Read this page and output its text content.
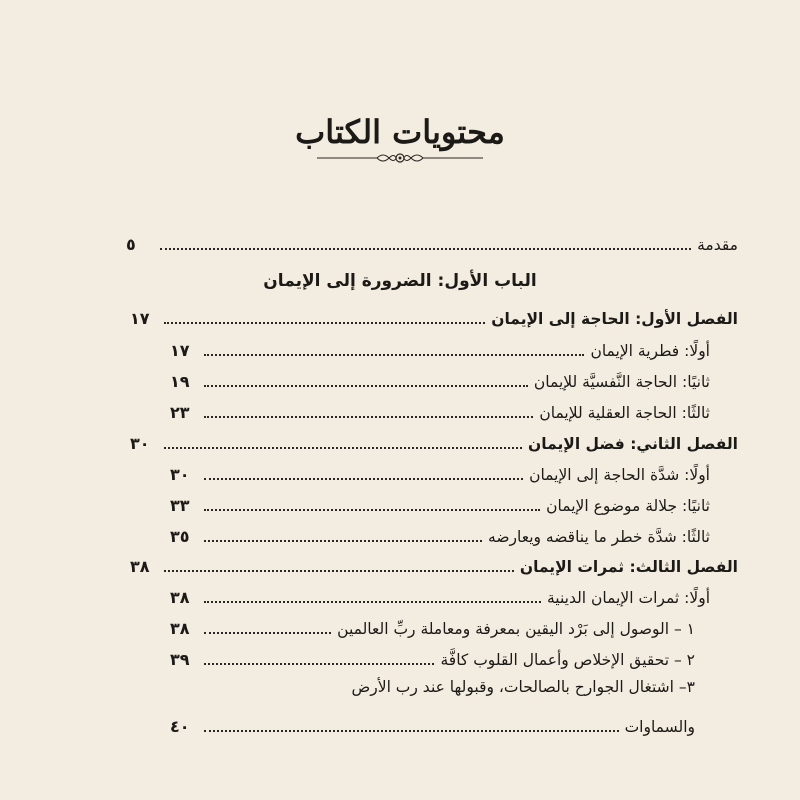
محتويات الكتاب
مقدمة
٥
الباب الأول: الضرورة إلى الإيمان
الفصل الأول: الحاجة إلى الإيمان
١٧
أولًا: فطرية الإيمان
١٧
ثانيًا: الحاجة النَّفسيَّة للإيمان
١٩
ثالثًا: الحاجة العقلية للإيمان
٢٣
الفصل الثاني: فضل الإيمان
٣٠
أولًا: شدَّة الحاجة إلى الإيمان
٣٠
ثانيًا: جلالة موضوع الإيمان
٣٣
ثالثًا: شدَّة خطر ما يناقضه ويعارضه
٣٥
الفصل الثالث: ثمرات الإيمان
٣٨
أولًا: ثمرات الإيمان الدينية
٣٨
١ – الوصول إلى بَرْد اليقين بمعرفة ومعاملة ربِّ العالمين
٣٨
٢ – تحقيق الإخلاص وأعمال القلوب كافَّة
٣٩
٣– اشتغال الجوارح بالصالحات، وقبولها عند رب الأرض
والسماوات
٤٠
